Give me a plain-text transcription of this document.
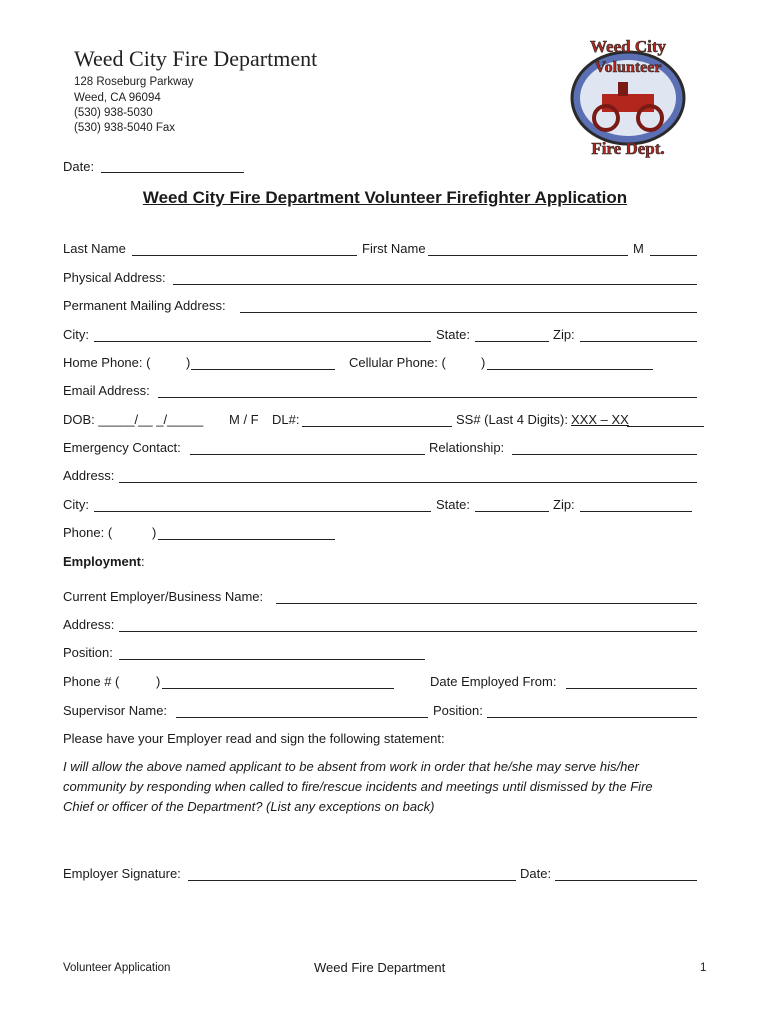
Weed City Fire Department
128 Roseburg Parkway
Weed, CA 96094
(530) 938-5030
(530) 938-5040 Fax
Weed City
Volunteer
Fire Dept.
Date:
Weed City Fire Department Volunteer Firefighter Application
Last Name	First Name	M
Physical Address:
Permanent Mailing Address:
City:	State:	Zip:
Home Phone: (	)	Cellular Phone: (	)
Email Address:
DOB: _____/__ _/_____ M / F DL#:	SS# (Last 4 Digits): XXX – XX
Emergency Contact:	Relationship:
Address:
City:	State:	Zip:
Phone: (	)
Employment:
Current Employer/Business Name:
Address:
Position:
Phone # (	)	Date Employed From:
Supervisor Name:	Position:
Please have your Employer read and sign the following statement:
I will allow the above named applicant to be absent from work in order that he/she may serve his/her
community by responding when called to fire/rescue incidents and meetings until dismissed by the Fire
Chief or officer of the Department? (List any exceptions on back)
Employer Signature:	Date:
Volunteer Application	Weed Fire Department	1
